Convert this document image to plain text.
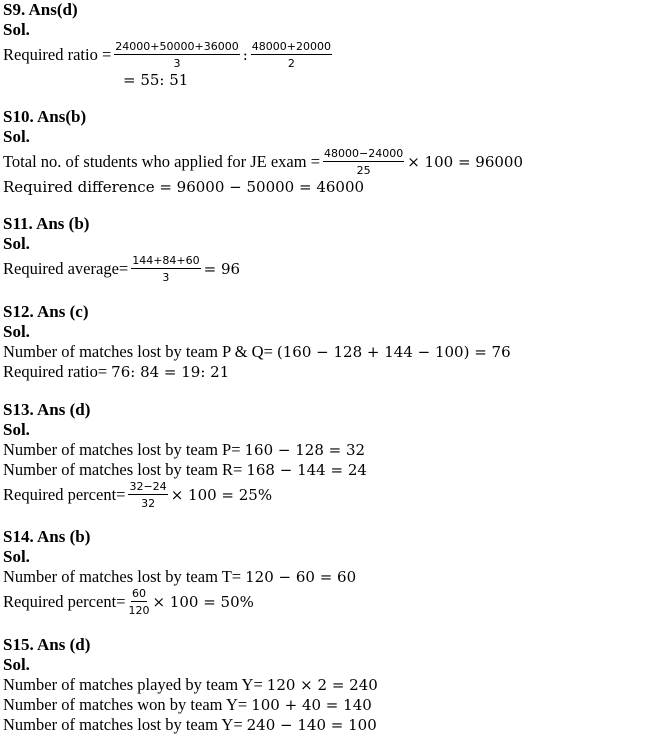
S9. Ans(d)
Sol.
Required ratio = $\frac{24000+50000+36000}{3}$ : $\frac{48000+20000}{2}$
= 55: 51
S10. Ans(b)
Sol.
Total no. of students who applied for JE exam = $\frac{48000-24000}{25} \times 100 = 96000$
Required difference = 96000 − 50000 = 46000
S11. Ans (b)
Sol.
Required average= $\frac{144+84+60}{3} = 96$
S12. Ans (c)
Sol.
Number of matches lost by team P & Q= (160 − 128 + 144 − 100) = 76
Required ratio= 76: 84 = 19: 21
S13. Ans (d)
Sol.
Number of matches lost by team P= 160 − 128 = 32
Number of matches lost by team R= 168 − 144 = 24
Required percent= $\frac{32-24}{32} \times 100 = 25\%$
S14. Ans (b)
Sol.
Number of matches lost by team T= 120 − 60 = 60
Required percent= $\frac{60}{120} \times 100 = 50\%$
S15. Ans (d)
Sol.
Number of matches played by team Y= 120 × 2 = 240
Number of matches won by team Y= 100 + 40 = 140
Number of matches lost by team Y= 240 − 140 = 100
